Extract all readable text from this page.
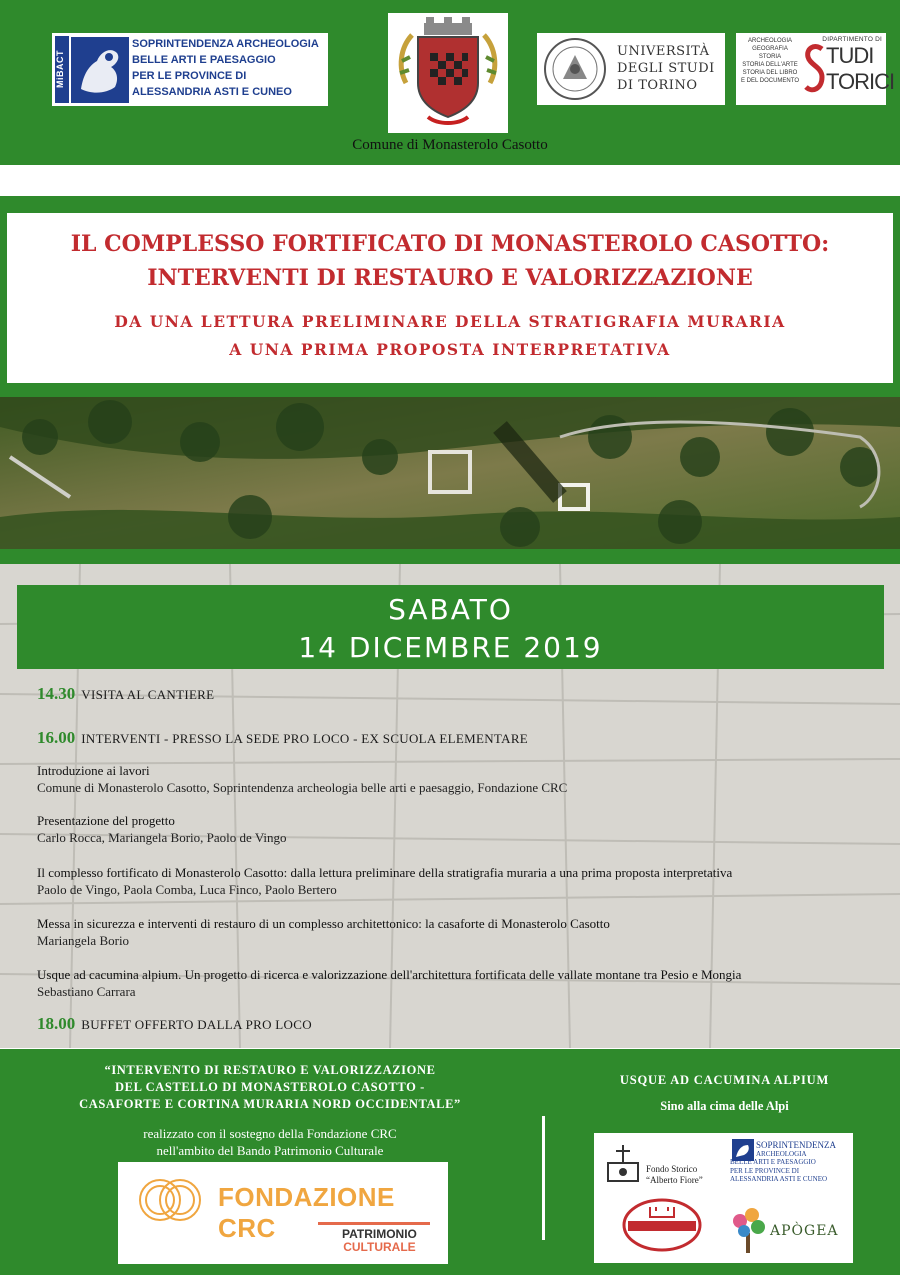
MiBACT
SOPRINTENDENZA ARCHEOLOGIA
BELLE ARTI E PAESAGGIO
PER LE PROVINCE DI
ALESSANDRIA ASTI E CUNEO
UNIVERSITÀ
DEGLI STUDI
DI TORINO
ARCHEOLOGIA
GEOGRAFIA
STORIA
STORIA DELL'ARTE
STORIA DEL LIBRO
E DEL DOCUMENTO
DIPARTIMENTO DI
TUDI
TORICI
Comune di Monasterolo Casotto
IL COMPLESSO FORTIFICATO DI MONASTEROLO CASOTTO:
INTERVENTI DI RESTAURO E VALORIZZAZIONE
DA UNA LETTURA PRELIMINARE DELLA STRATIGRAFIA MURARIA
A UNA PRIMA PROPOSTA INTERPRETATIVA
SABATO
14 DICEMBRE 2019
14.30 VISITA AL CANTIERE
16.00 INTERVENTI - PRESSO LA SEDE PRO LOCO - EX SCUOLA ELEMENTARE
Introduzione ai lavori
Comune di Monasterolo Casotto, Soprintendenza archeologia belle arti e paesaggio, Fondazione CRC
Presentazione del progetto
Carlo Rocca, Mariangela Borio, Paolo de Vingo
Il complesso fortificato di Monasterolo Casotto: dalla lettura preliminare della stratigrafia muraria a una prima proposta interpretativa
Paolo de Vingo, Paola Comba, Luca Finco, Paolo Bertero
Messa in sicurezza e interventi di restauro di un complesso architettonico: la casaforte di Monasterolo Casotto
Mariangela Borio
Usque ad cacumina alpium. Un progetto di ricerca e valorizzazione dell'architettura fortificata delle vallate montane tra Pesio e Mongia
Sebastiano Carrara
18.00 BUFFET OFFERTO DALLA PRO LOCO
“INTERVENTO DI RESTAURO E VALORIZZAZIONE
DEL CASTELLO DI MONASTEROLO CASOTTO -
CASAFORTE E CORTINA MURARIA NORD OCCIDENTALE”
realizzato con il sostegno della Fondazione CRC
nell'ambito del Bando Patrimonio Culturale
FONDAZIONE CRC	PATRIMONIO
CULTURALE
USQUE AD CACUMINA ALPIUM
Sino alla cima delle Alpi
Fondo Storico
“Alberto Fiore”
SOPRINTENDENZA
ARCHEOLOGIA
BELLE ARTI E PAESAGGIO
PER LE PROVINCE DI
ALESSANDRIA ASTI E CUNEO
APÒGEA
